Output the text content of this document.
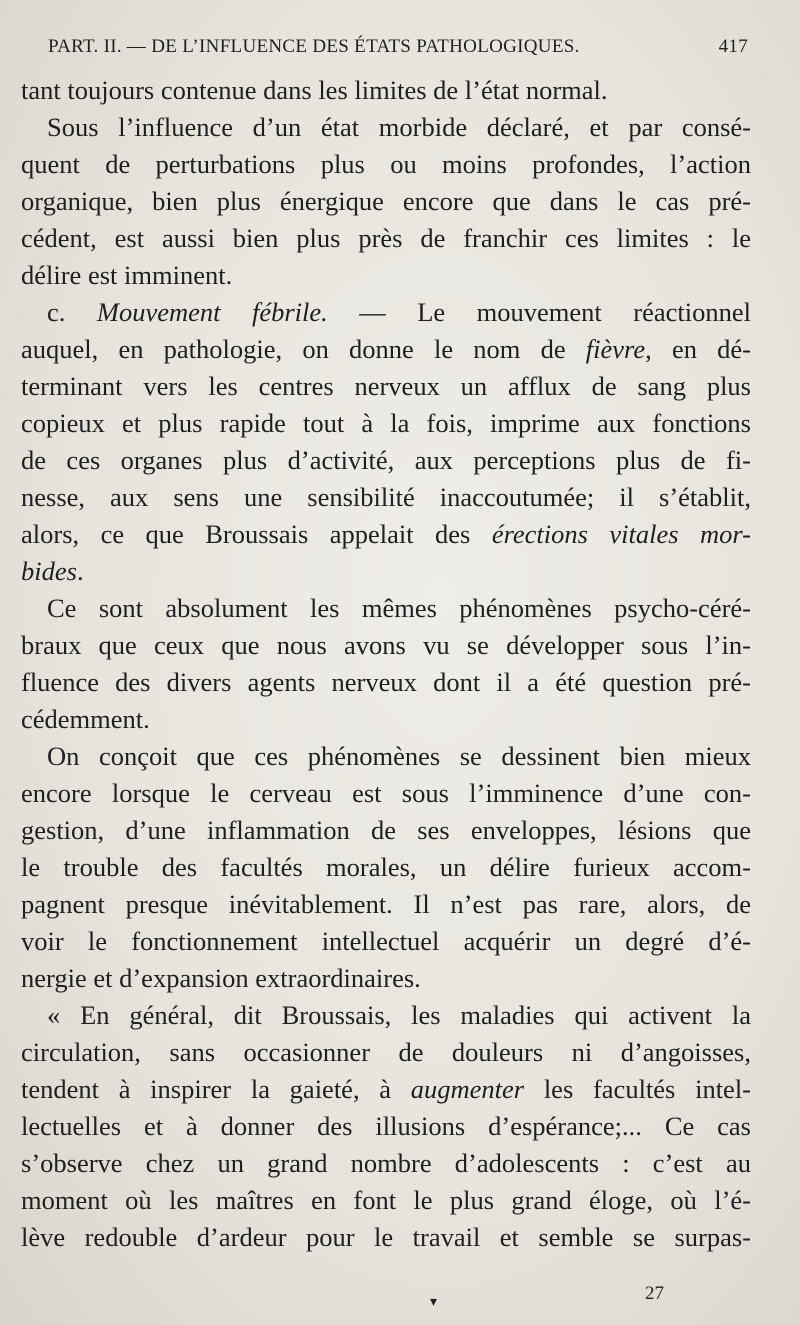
PART. II. — DE L’INFLUENCE DES ÉTATS PATHOLOGIQUES.	417
tant toujours contenue dans les limites de l’état normal.
Sous l’influence d’un état morbide déclaré, et par consé-
quent de perturbations plus ou moins profondes, l’action
organique, bien plus énergique encore que dans le cas pré-
cédent, est aussi bien plus près de franchir ces limites : le
délire est imminent.
c. Mouvement fébrile. — Le mouvement réactionnel
auquel, en pathologie, on donne le nom de fièvre, en dé-
terminant vers les centres nerveux un afflux de sang plus
copieux et plus rapide tout à la fois, imprime aux fonctions
de ces organes plus d’activité, aux perceptions plus de fi-
nesse, aux sens une sensibilité inaccoutumée; il s’établit,
alors, ce que Broussais appelait des érections vitales mor-
bides.
Ce sont absolument les mêmes phénomènes psycho-céré-
braux que ceux que nous avons vu se développer sous l’in-
fluence des divers agents nerveux dont il a été question pré-
cédemment.
On conçoit que ces phénomènes se dessinent bien mieux
encore lorsque le cerveau est sous l’imminence d’une con-
gestion, d’une inflammation de ses enveloppes, lésions que
le trouble des facultés morales, un délire furieux accom-
pagnent presque inévitablement. Il n’est pas rare, alors, de
voir le fonctionnement intellectuel acquérir un degré d’é-
nergie et d’expansion extraordinaires.
« En général, dit Broussais, les maladies qui activent la
circulation, sans occasionner de douleurs ni d’angoisses,
tendent à inspirer la gaieté, à augmenter les facultés intel-
lectuelles et à donner des illusions d’espérance;... Ce cas
s’observe chez un grand nombre d’adolescents : c’est au
moment où les maîtres en font le plus grand éloge, où l’é-
lève redouble d’ardeur pour le travail et semble se surpas-
▾	27
